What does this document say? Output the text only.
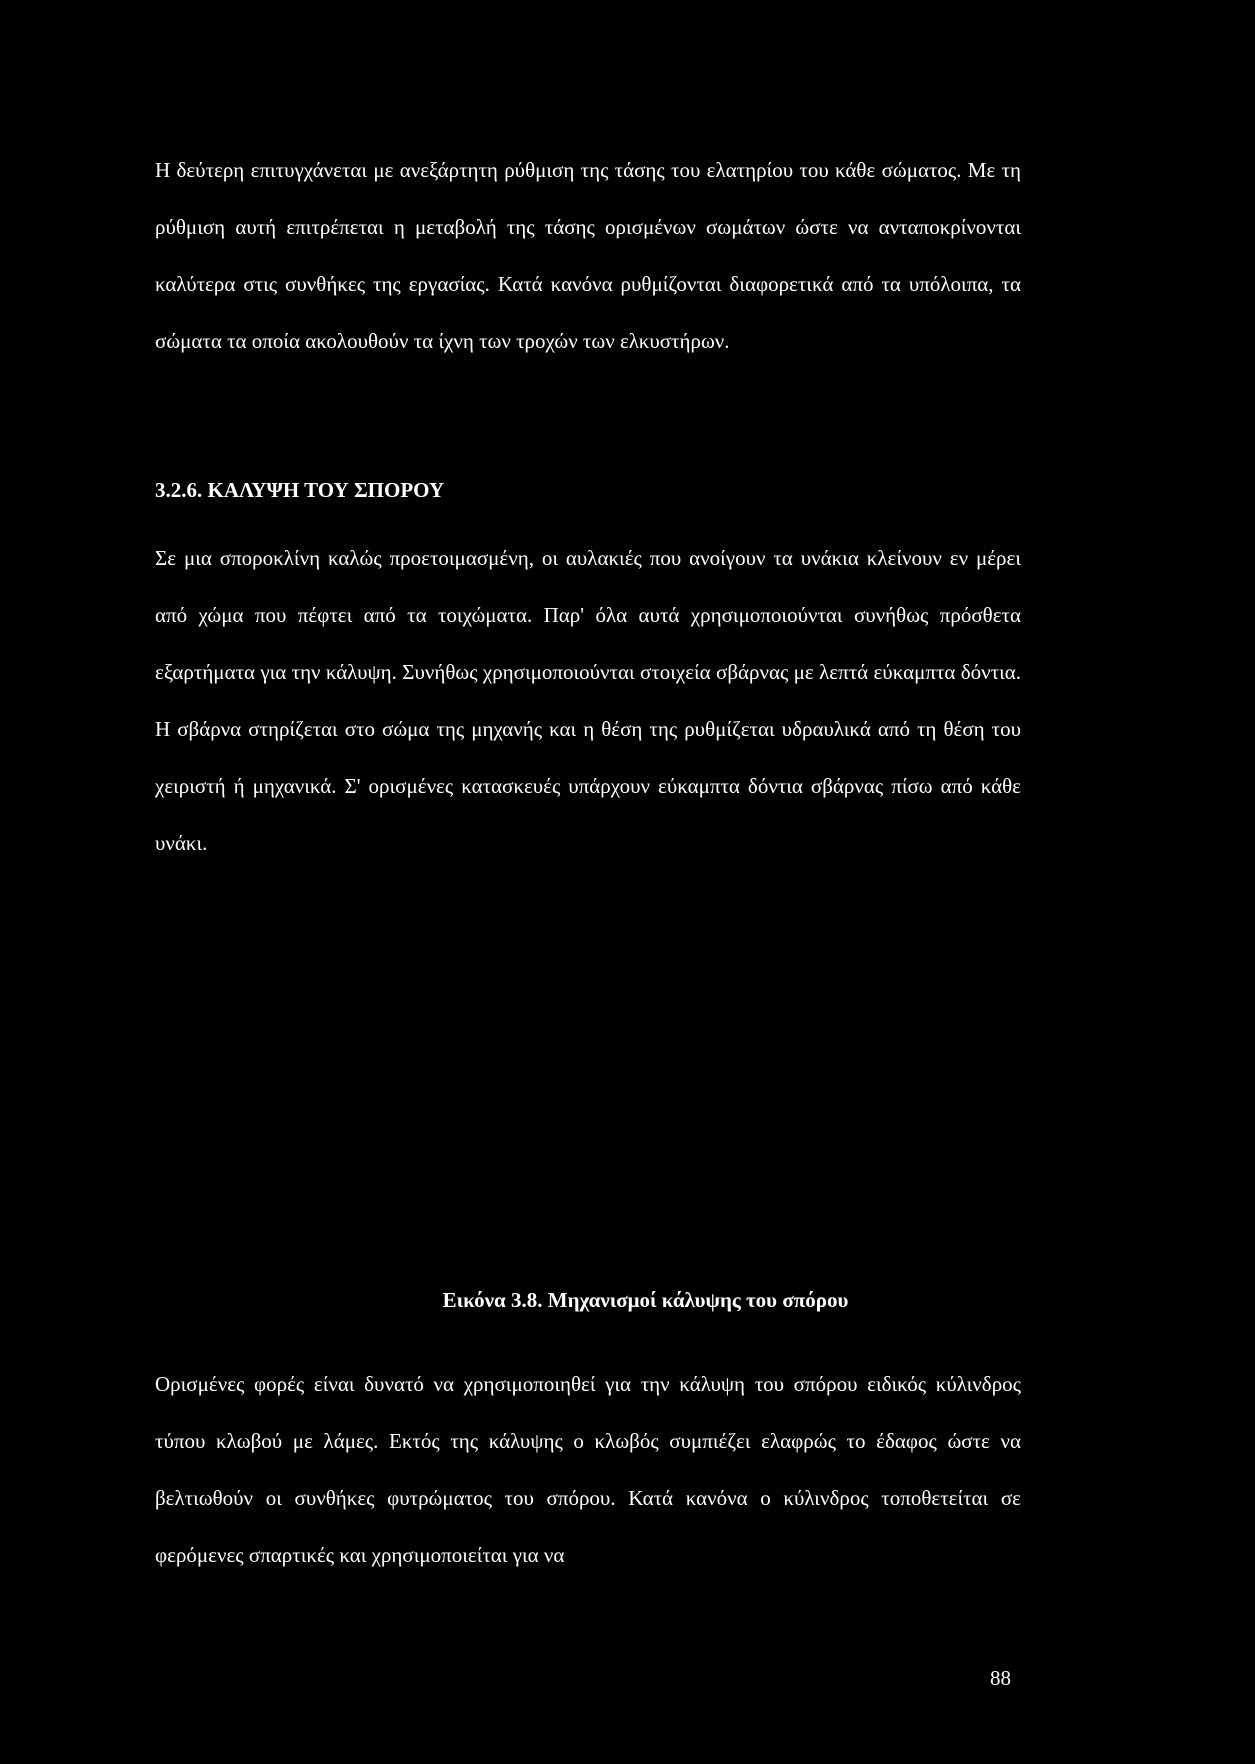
Η δεύτερη επιτυγχάνεται με ανεξάρτητη ρύθμιση της τάσης του ελατηρίου του κάθε σώματος. Με τη ρύθμιση αυτή επιτρέπεται η μεταβολή της τάσης ορισμένων σωμάτων ώστε να ανταποκρίνονται καλύτερα στις συνθήκες της εργασίας. Κατά κανόνα ρυθμίζονται διαφορετικά από τα υπόλοιπα, τα σώματα τα οποία ακολουθούν τα ίχνη των τροχών των ελκυστήρων.

3.2.6. ΚΑΛΥΨΗ ΤΟΥ ΣΠΟΡΟΥ

Σε μια σποροκλίνη καλώς προετοιμασμένη, οι αυλακιές που ανοίγουν τα υνάκια κλείνουν εν μέρει από χώμα που πέφτει από τα τοιχώματα. Παρ' όλα αυτά χρησιμοποιούνται συνήθως πρόσθετα εξαρτήματα για την κάλυψη. Συνήθως χρησιμοποιούνται στοιχεία σβάρνας με λεπτά εύκαμπτα δόντια. Η σβάρνα στηρίζεται στο σώμα της μηχανής και η θέση της ρυθμίζεται υδραυλικά από τη θέση του χειριστή ή μηχανικά. Σ' ορισμένες κατασκευές υπάρχουν εύκαμπτα δόντια σβάρνας πίσω από κάθε υνάκι.

Εικόνα 3.8. Μηχανισμοί κάλυψης του σπόρου

Ορισμένες φορές είναι δυνατό να χρησιμοποιηθεί για την κάλυψη του σπόρου ειδικός κύλινδρος τύπου κλωβού με λάμες. Εκτός της κάλυψης ο κλωβός συμπιέζει ελαφρώς το έδαφος ώστε να βελτιωθούν οι συνθήκες φυτρώματος του σπόρου. Κατά κανόνα ο κύλινδρος τοποθετείται σε φερόμενες σπαρτικές και χρησιμοποιείται για να

88
